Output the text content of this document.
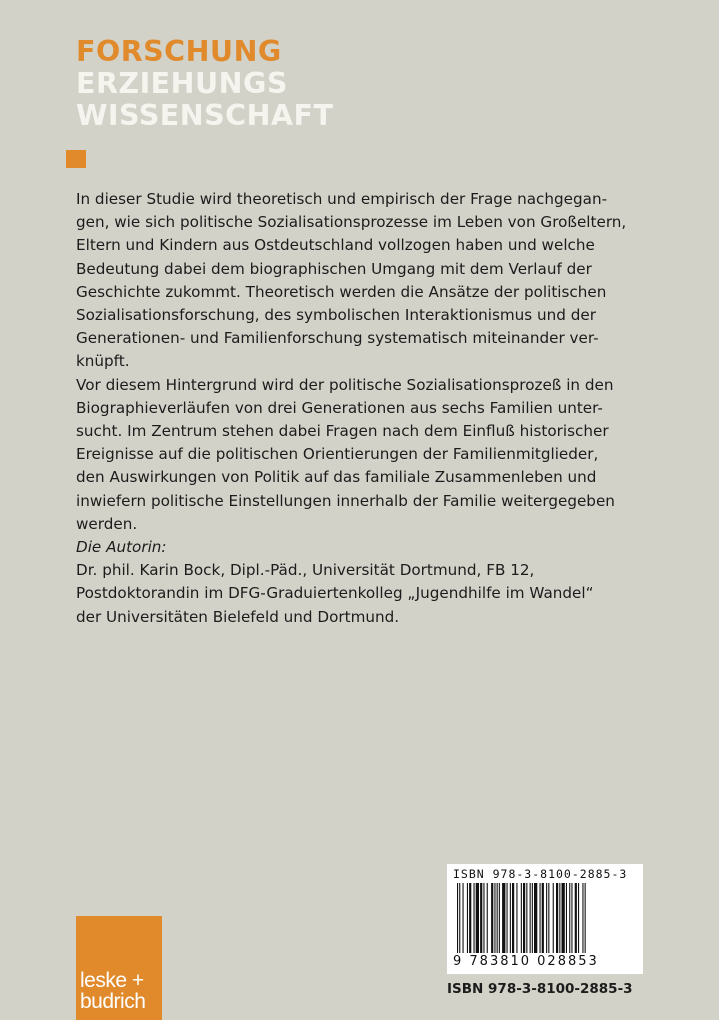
FORSCHUNG
ERZIEHUNGS
WISSENSCHAFT

In dieser Studie wird theoretisch und empirisch der Frage nachgegan-
gen, wie sich politische Sozialisationsprozesse im Leben von Großeltern,
Eltern und Kindern aus Ostdeutschland vollzogen haben und welche
Bedeutung dabei dem biographischen Umgang mit dem Verlauf der
Geschichte zukommt. Theoretisch werden die Ansätze der politischen
Sozialisationsforschung, des symbolischen Interaktionismus und der
Generationen- und Familienforschung systematisch miteinander ver-
knüpft.

Vor diesem Hintergrund wird der politische Sozialisationsprozeß in den
Biographieverläufen von drei Generationen aus sechs Familien unter-
sucht. Im Zentrum stehen dabei Fragen nach dem Einfluß historischer
Ereignisse auf die politischen Orientierungen der Familienmitglieder,
den Auswirkungen von Politik auf das familiale Zusammenleben und
inwiefern politische Einstellungen innerhalb der Familie weitergegeben
werden.

Die Autorin:
Dr. phil. Karin Bock, Dipl.-Päd., Universität Dortmund, FB 12,
Postdoktorandin im DFG-Graduiertenkolleg „Jugendhilfe im Wandel“
der Universitäten Bielefeld und Dortmund.

ISBN 978-3-8100-2885-3
9 783810 028853
ISBN 978-3-8100-2885-3
leske +
budrich
